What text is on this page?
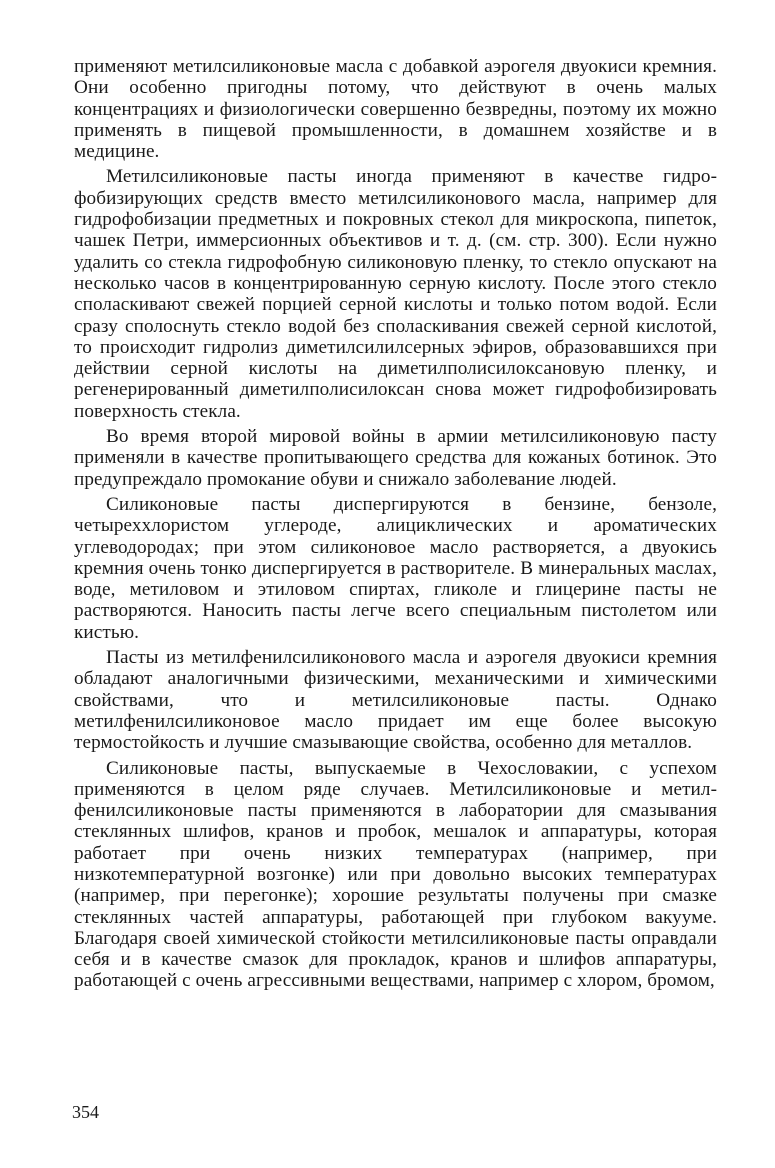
применяют метилсиликоновые масла с добавкой аэрогеля двуокиси кремния. Они особенно пригодны потому, что действуют в очень малых концентрациях и физиологически совершенно безвредны, поэтому их можно применять в пищевой промышленности, в домашнем хозяйстве и в медицине.

Метилсиликоновые пасты иногда применяют в качестве гидрофобизирующих средств вместо метилсиликонового масла, например для гидрофобизации предметных и покровных стекол для микроскопа, пипеток, чашек Петри, иммерсионных объективов и т. д. (см. стр. 300). Если нужно удалить со стекла гидрофобную силиконовую пленку, то стекло опускают на несколько часов в концентрированную серную кислоту. После этого стекло споласкивают свежей порцией серной кислоты и только потом водой. Если сразу сполоснуть стекло водой без споласкивания свежей серной кислотой, то происходит гидролиз диметилсилилсерных эфиров, образовавшихся при действии серной кислоты на диметилполисилоксановую пленку, и регенерированный диметилполисилоксан снова может гидрофобизировать поверхность стекла.

Во время второй мировой войны в армии метилсиликоновую пасту применяли в качестве пропитывающего средства для кожаных ботинок. Это предупреждало промокание обуви и снижало заболевание людей.

Силиконовые пасты диспергируются в бензине, бензоле, четыреххлористом углероде, алициклических и ароматических углеводородах; при этом силиконовое масло растворяется, а двуокись кремния очень тонко диспергируется в растворителе. В минеральных маслах, воде, метиловом и этиловом спиртах, гликоле и глицерине пасты не растворяются. Наносить пасты легче всего специальным пистолетом или кистью.

Пасты из метилфенилсиликонового масла и аэрогеля двуокиси кремния обладают аналогичными физическими, механическими и химическими свойствами, что и метилсиликоновые пасты. Однако метилфенилсиликоновое масло придает им еще более высокую термостойкость и лучшие смазывающие свойства, особенно для металлов.

Силиконовые пасты, выпускаемые в Чехословакии, с успехом применяются в целом ряде случаев. Метилсиликоновые и метилфенилсиликоновые пасты применяются в лаборатории для смазывания стеклянных шлифов, кранов и пробок, мешалок и аппаратуры, которая работает при очень низких температурах (например, при низкотемпературной возгонке) или при довольно высоких температурах (например, при перегонке); хорошие результаты получены при смазке стеклянных частей аппаратуры, работающей при глубоком вакууме. Благодаря своей химической стойкости метилсиликоновые пасты оправдали себя и в качестве смазок для прокладок, кранов и шлифов аппаратуры, работающей с очень агрессивными веществами, например с хлором, бромом,

354
